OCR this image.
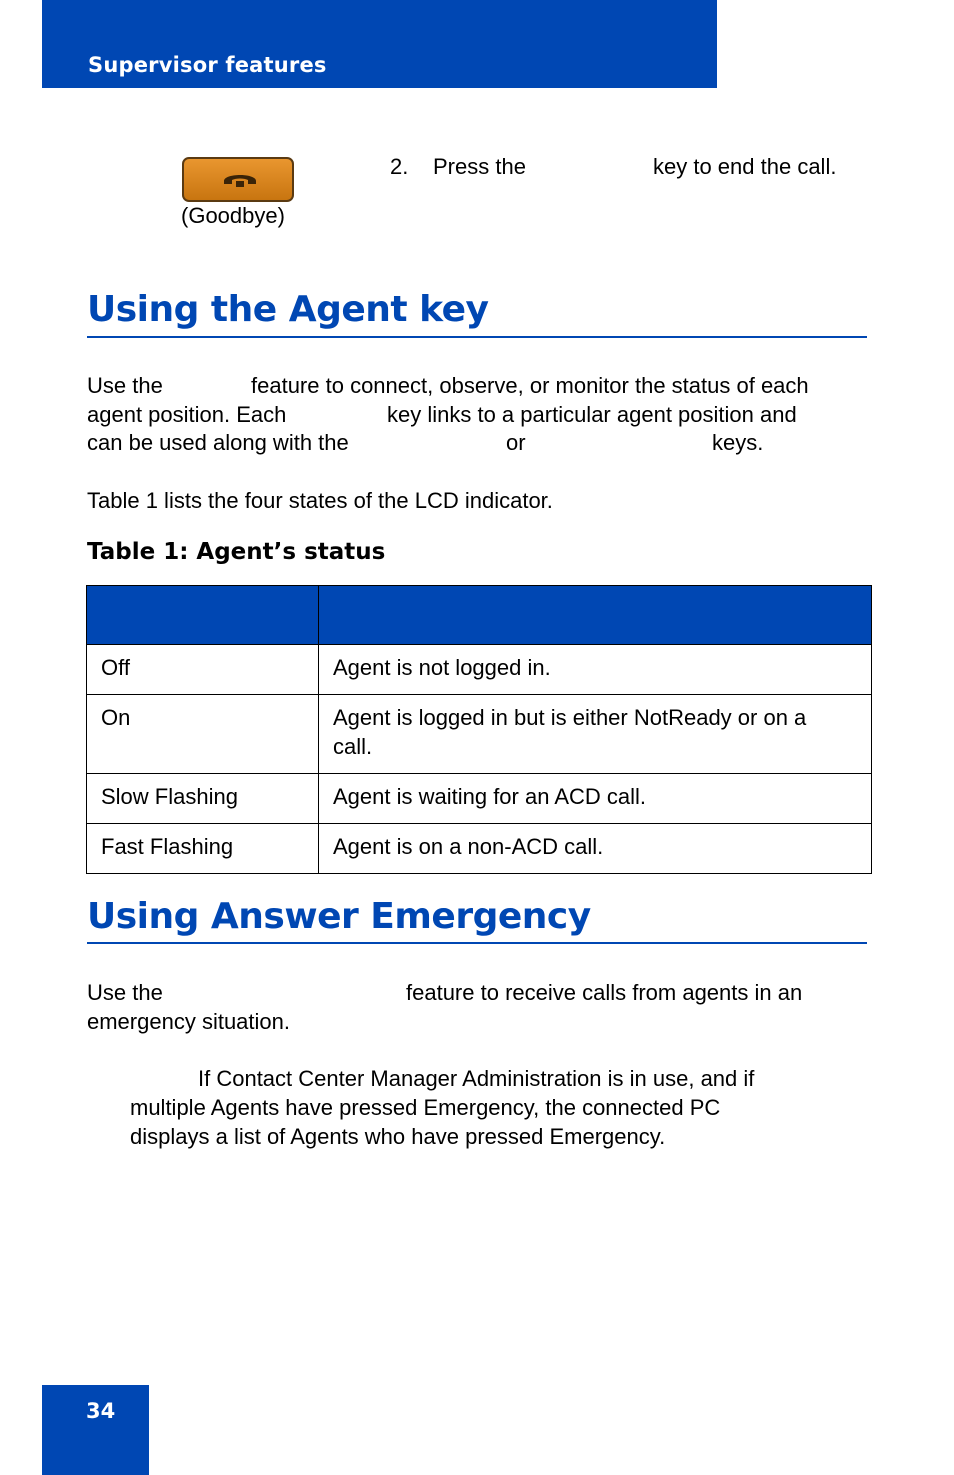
Supervisor features
(Goodbye)
2. Press the	key to end the call.
Using the Agent key
Use the	feature to connect, observe, or monitor the status of each
agent position. Each	key links to a particular agent position and
can be used along with the	or	keys.
Table 1 lists the four states of the LCD indicator.
Table 1: Agent’s status

Off	Agent is not logged in.
On	Agent is logged in but is either NotReady or on a call.
Slow Flashing	Agent is waiting for an ACD call.
Fast Flashing	Agent is on a non-ACD call.
Using Answer Emergency
Use the	feature to receive calls from agents in an
emergency situation.
If Contact Center Manager Administration is in use, and if
multiple Agents have pressed Emergency, the connected PC
displays a list of Agents who have pressed Emergency.
34
